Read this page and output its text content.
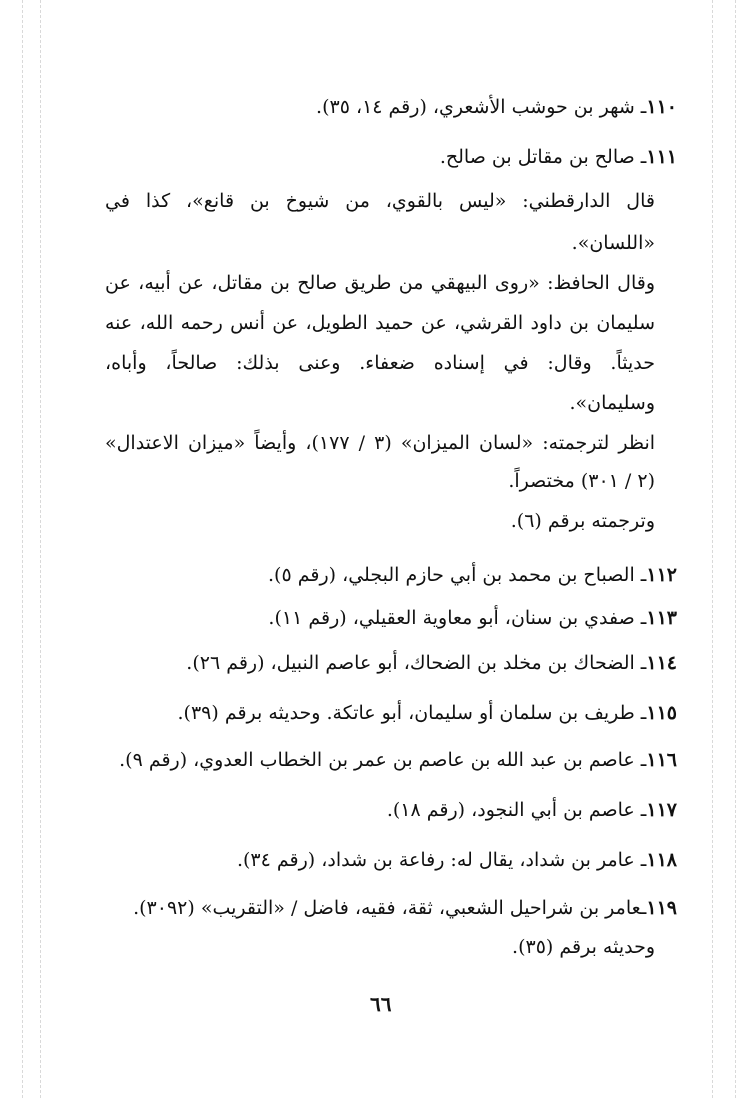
١١٠ـ شهر بن حوشب الأشعري، (رقم ١٤، ٣٥).
١١١ـ صالح بن مقاتل بن صالح.
قال الدارقطني: «ليس بالقوي، من شيوخ بن قانع»، كذا في
«اللسان».
وقال الحافظ: «روى البيهقي من طريق صالح بن مقاتل، عن أبيه، عن
سليمان بن داود القرشي، عن حميد الطويل، عن أنس رحمه الله، عنه
حديثاً. وقال: في إسناده ضعفاء. وعنى بذلك: صالحاً، وأباه،
وسليمان».
انظر لترجمته: «لسان الميزان» (٣ / ١٧٧)، وأيضاً «ميزان الاعتدال»
(٢ / ٣٠١) مختصراً.
وترجمته برقم (٦).
١١٢ـ الصباح بن محمد بن أبي حازم البجلي، (رقم ٥).
١١٣ـ صفدي بن سنان، أبو معاوية العقيلي، (رقم ١١).
١١٤ـ الضحاك بن مخلد بن الضحاك، أبو عاصم النبيل، (رقم ٢٦).
١١٥ـ طريف بن سلمان أو سليمان، أبو عاتكة. وحديثه برقم (٣٩).
١١٦ـ عاصم بن عبد الله بن عاصم بن عمر بن الخطاب العدوي، (رقم ٩).
١١٧ـ عاصم بن أبي النجود، (رقم ١٨).
١١٨ـ عامر بن شداد، يقال له: رفاعة بن شداد، (رقم ٣٤).
١١٩ـعامر بن شراحيل الشعبي، ثقة، فقيه، فاضل / «التقريب» (٣٠٩٢).
وحديثه برقم (٣٥).
٦٦
